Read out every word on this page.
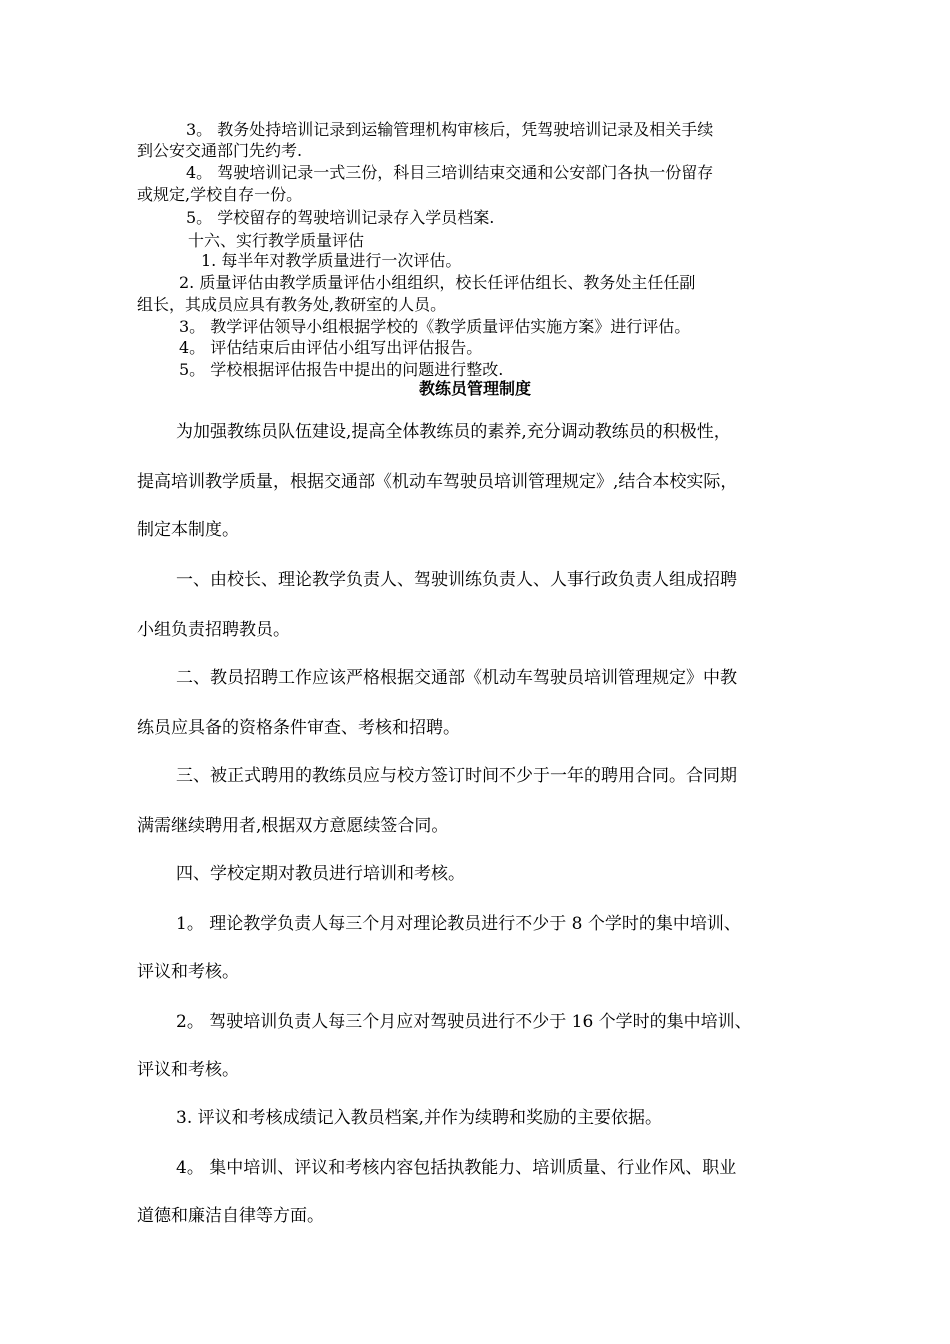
3。 教务处持培训记录到运输管理机构审核后，凭驾驶培训记录及相关手续

到公安交通部门先约考.

4。 驾驶培训记录一式三份，科目三培训结束交通和公安部门各执一份留存

或规定,学校自存一份。

5。 学校留存的驾驶培训记录存入学员档案.

十六、实行教学质量评估

1. 每半年对教学质量进行一次评估。

2. 质量评估由教学质量评估小组组织，校长任评估组长、教务处主任任副

组长，其成员应具有教务处,教研室的人员。

3。 教学评估领导小组根据学校的《教学质量评估实施方案》进行评估。

4。 评估结束后由评估小组写出评估报告。

5。 学校根据评估报告中提出的问题进行整改.

教练员管理制度

为加强教练员队伍建设,提高全体教练员的素养,充分调动教练员的积极性，

提高培训教学质量，根据交通部《机动车驾驶员培训管理规定》,结合本校实际，

制定本制度。

一、由校长、理论教学负责人、驾驶训练负责人、人事行政负责人组成招聘

小组负责招聘教员。

二、教员招聘工作应该严格根据交通部《机动车驾驶员培训管理规定》中教

练员应具备的资格条件审查、考核和招聘。

三、被正式聘用的教练员应与校方签订时间不少于一年的聘用合同。合同期

满需继续聘用者,根据双方意愿续签合同。

四、学校定期对教员进行培训和考核。

1。 理论教学负责人每三个月对理论教员进行不少于 8 个学时的集中培训、

评议和考核。

2。 驾驶培训负责人每三个月应对驾驶员进行不少于 16 个学时的集中培训、

评议和考核。

3. 评议和考核成绩记入教员档案,并作为续聘和奖励的主要依据。

4。 集中培训、评议和考核内容包括执教能力、培训质量、行业作风、职业

道德和廉洁自律等方面。
